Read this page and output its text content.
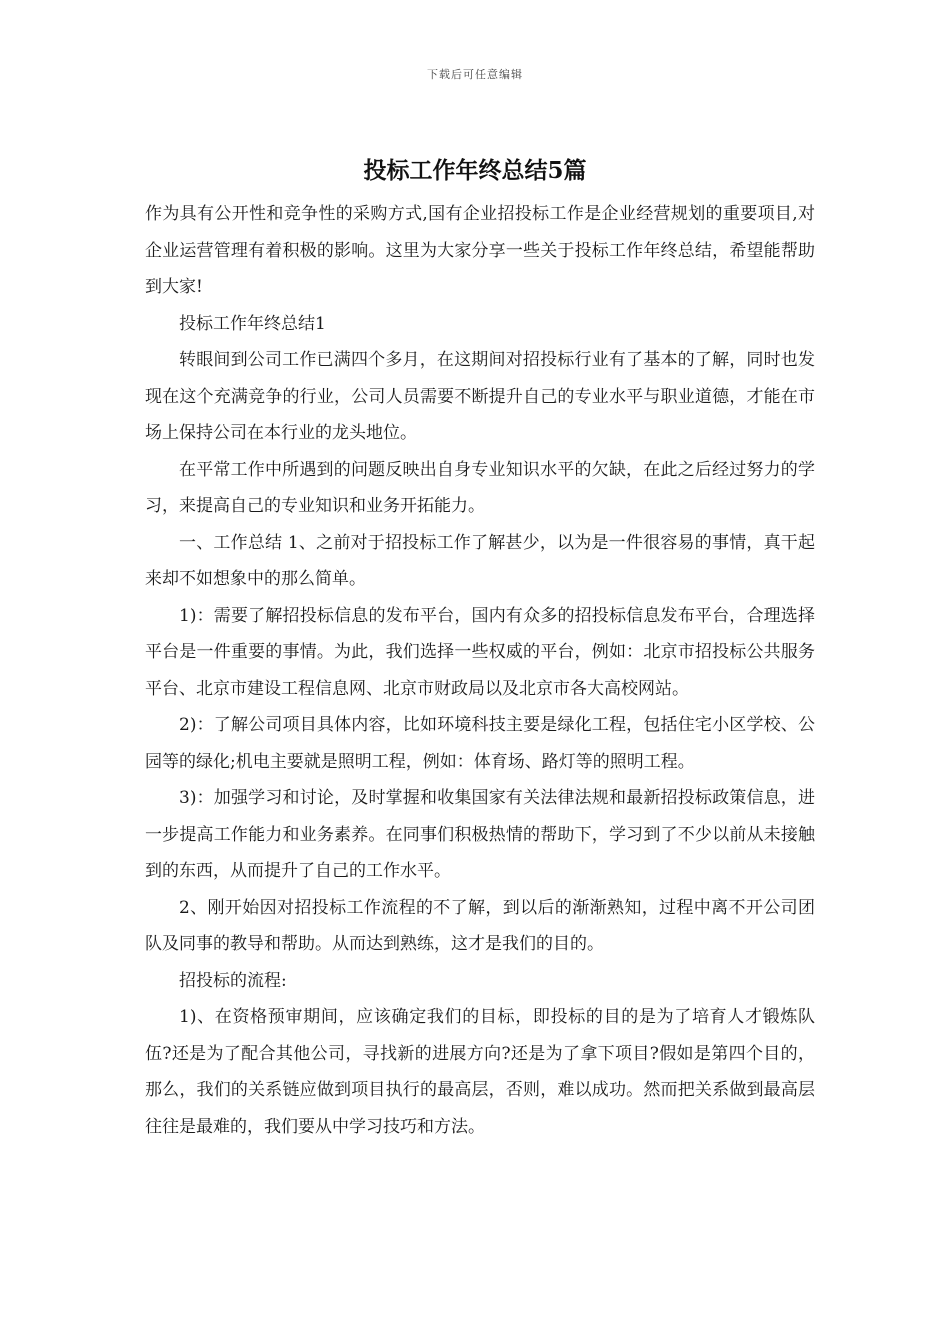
下载后可任意编辑
投标工作年终总结5篇

作为具有公开性和竞争性的采购方式,国有企业招投标工作是企业经营规划的重要项目,对企业运营管理有着积极的影响。这里为大家分享一些关于投标工作年终总结，希望能帮助到大家!

投标工作年终总结1

转眼间到公司工作已满四个多月，在这期间对招投标行业有了基本的了解，同时也发现在这个充满竞争的行业，公司人员需要不断提升自己的专业水平与职业道德，才能在市场上保持公司在本行业的龙头地位。

在平常工作中所遇到的问题反映出自身专业知识水平的欠缺，在此之后经过努力的学习，来提高自己的专业知识和业务开拓能力。

一、工作总结 1、之前对于招投标工作了解甚少，以为是一件很容易的事情，真干起来却不如想象中的那么简单。

1)：需要了解招投标信息的发布平台，国内有众多的招投标信息发布平台，合理选择平台是一件重要的事情。为此，我们选择一些权威的平台，例如：北京市招投标公共服务平台、北京市建设工程信息网、北京市财政局以及北京市各大高校网站。

2)：了解公司项目具体内容，比如环境科技主要是绿化工程，包括住宅小区学校、公园等的绿化;机电主要就是照明工程，例如：体育场、路灯等的照明工程。

3)：加强学习和讨论，及时掌握和收集国家有关法律法规和最新招投标政策信息，进一步提高工作能力和业务素养。在同事们积极热情的帮助下，学习到了不少以前从未接触到的东西，从而提升了自己的工作水平。

2、刚开始因对招投标工作流程的不了解，到以后的渐渐熟知，过程中离不开公司团队及同事的教导和帮助。从而达到熟练，这才是我们的目的。

招投标的流程:

1)、在资格预审期间，应该确定我们的目标，即投标的目的是为了培育人才锻炼队伍?还是为了配合其他公司，寻找新的进展方向?还是为了拿下项目?假如是第四个目的，那么，我们的关系链应做到项目执行的最高层，否则，难以成功。然而把关系做到最高层往往是最难的，我们要从中学习技巧和方法。
